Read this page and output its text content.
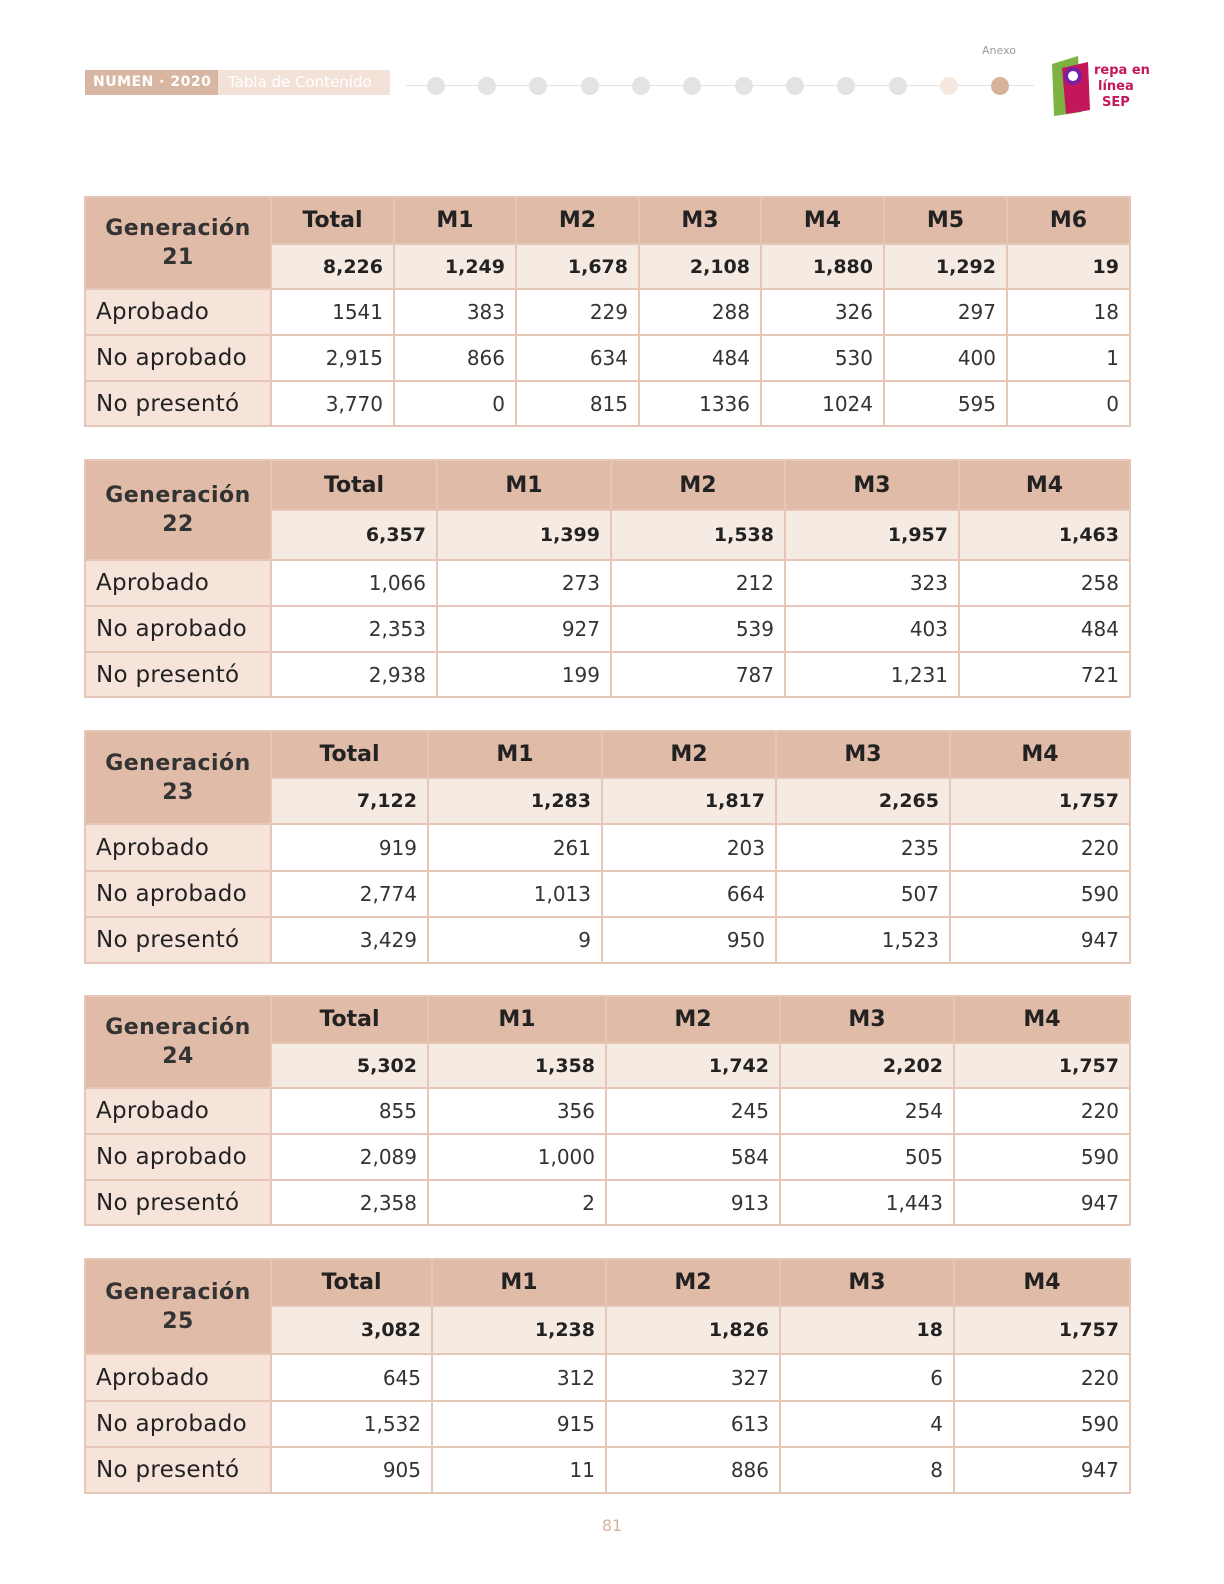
NUMEN · 2020	Tabla de Contenido
Anexo
repa en
línea
SEP
Generación
21	Total	M1	M2	M3	M4	M5	M6
	8,226	1,249	1,678	2,108	1,880	1,292	19
Aprobado	1541	383	229	288	326	297	18
No aprobado	2,915	866	634	484	530	400	1
No presentó	3,770	0	815	1336	1024	595	0
Generación
22	Total	M1	M2	M3	M4
	6,357	1,399	1,538	1,957	1,463
Aprobado	1,066	273	212	323	258
No aprobado	2,353	927	539	403	484
No presentó	2,938	199	787	1,231	721
Generación
23	Total	M1	M2	M3	M4
	7,122	1,283	1,817	2,265	1,757
Aprobado	919	261	203	235	220
No aprobado	2,774	1,013	664	507	590
No presentó	3,429	9	950	1,523	947
Generación
24	Total	M1	M2	M3	M4
	5,302	1,358	1,742	2,202	1,757
Aprobado	855	356	245	254	220
No aprobado	2,089	1,000	584	505	590
No presentó	2,358	2	913	1,443	947
Generación
25	Total	M1	M2	M3	M4
	3,082	1,238	1,826	18	1,757
Aprobado	645	312	327	6	220
No aprobado	1,532	915	613	4	590
No presentó	905	11	886	8	947
81
